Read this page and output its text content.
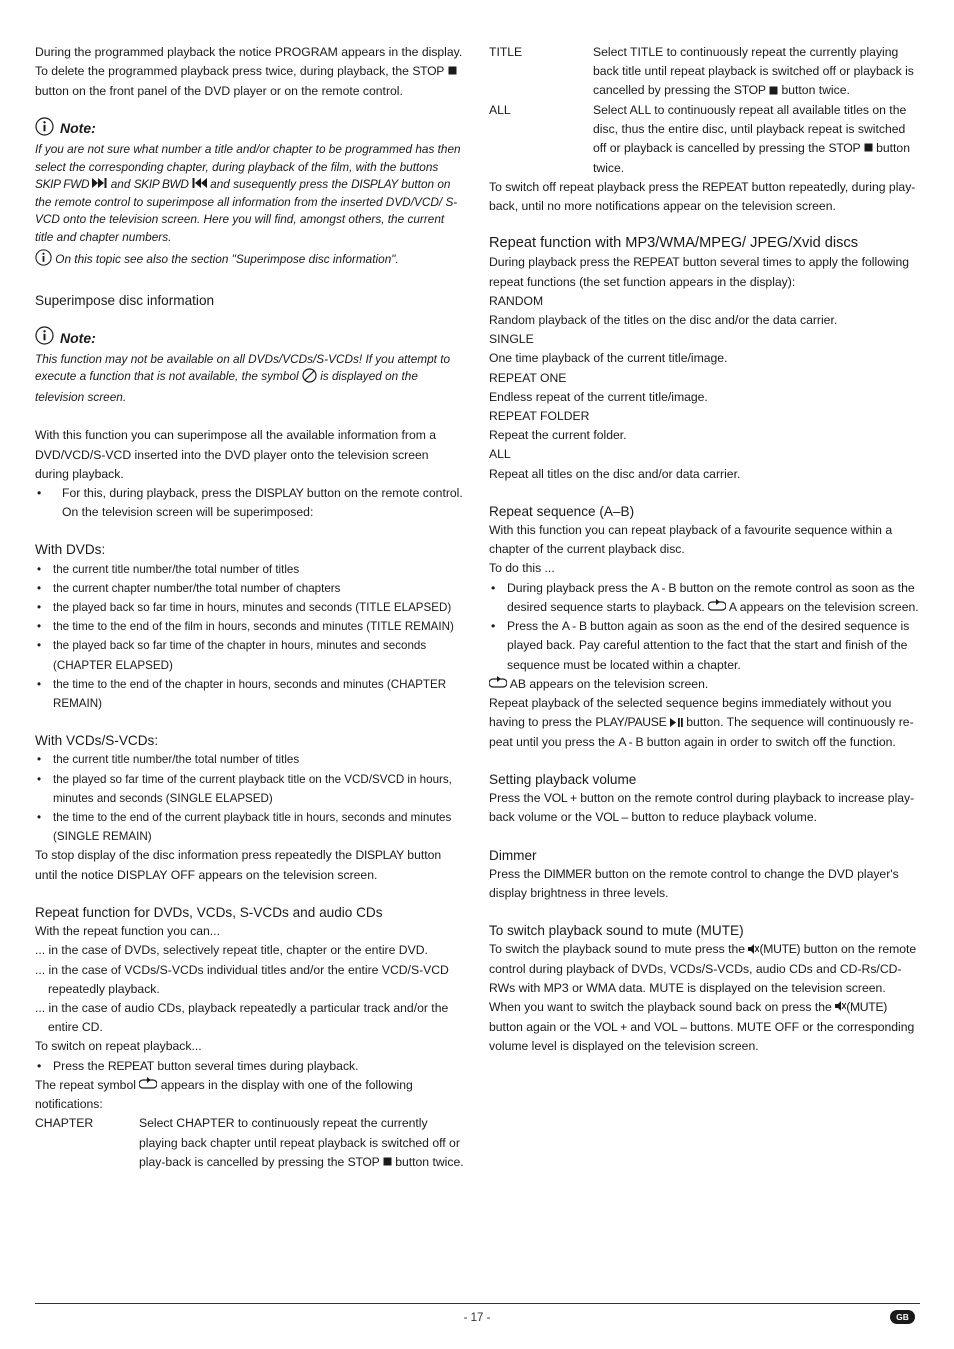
During the programmed playback the notice PROGRAM appears in the display. To delete the programmed playback press twice, during playback, the STOP  button on the front panel of the DVD player or on the remote control.

Note:

If you are not sure what number a title and/or chapter to be programmed has then select the corresponding chapter, during playback of the film, with the buttons SKIP FWD  and SKIP BWD  and susequently press the DISPLAY button on the remote control to superimpose all information from the inserted DVD/VCD/ S-VCD onto the television screen. Here you will find, amongst others, the current title and chapter numbers.

On this topic see also the section "Superimpose disc information".

Superimpose disc information

Note:

This function may not be available on all DVDs/VCDs/S-VCDs! If you attempt to execute a function that is not available, the symbol  is displayed on the television screen.

With this function you can superimpose all the available information from a DVD/VCD/S-VCD inserted into the DVD player onto the television screen during playback.

• For this, during playback, press the DISPLAY button on the remote control. On the television screen will be superimposed:

With DVDs:

• the current title number/the total number of titles
• the current chapter number/the total number of chapters
• the played back so far time in hours, minutes and seconds (TITLE ELAPSED)
• the time to the end of the film in hours, seconds and minutes (TITLE REMAIN)
• the played back so far time of the chapter in hours, minutes and seconds (CHAPTER ELAPSED)
• the time to the end of the chapter in hours, seconds and minutes (CHAPTER REMAIN)

With VCDs/S-VCDs:

• the current title number/the total number of titles
• the played so far time of the current playback title on the VCD/SVCD in hours, minutes and seconds (SINGLE ELAPSED)
• the time to the end of the current playback title in hours, seconds and minutes (SINGLE REMAIN)

To stop display of the disc information press repeatedly the DISPLAY button until the notice DISPLAY OFF appears on the television screen.

Repeat function for DVDs, VCDs, S-VCDs and audio CDs

With the repeat function you can...

... in the case of DVDs, selectively repeat title, chapter or the entire DVD.

... in the case of VCDs/S-VCDs individual titles and/or the entire VCD/S-VCD repeatedly playback.

... in the case of audio CDs, playback repeatedly a particular track and/or the entire CD.

To switch on repeat playback...

• Press the REPEAT button several times during playback.

The repeat symbol  appears in the display with one of the following notifications:

CHAPTER	Select CHAPTER to continuously repeat the currently playing back chapter until repeat playback is switched off or play-back is cancelled by pressing the STOP  button twice.
TITLE	Select TITLE to continuously repeat the currently playing back title until repeat playback is switched off or playback is cancelled by pressing the STOP  button twice.
ALL	Select ALL to continuously repeat all available titles on the disc, thus the entire disc, until playback repeat is switched off or playback is cancelled by pressing the STOP  button twice.

To switch off repeat playback press the REPEAT button repeatedly, during play-back, until no more notifications appear on the television screen.

Repeat function with MP3/WMA/MPEG/ JPEG/Xvid discs

During playback press the REPEAT button several times to apply the following repeat functions (the set function appears in the display):

RANDOM

Random playback of the titles on the disc and/or the data carrier.

SINGLE

One time playback of the current title/image.

REPEAT ONE

Endless repeat of the current title/image.

REPEAT FOLDER

Repeat the current folder.

ALL

Repeat all titles on the disc and/or data carrier.

Repeat sequence (A–B)

With this function you can repeat playback of a favourite sequence within a chapter of the current playback disc.

To do this ...

• During playback press the A - B button on the remote control as soon as the desired sequence starts to playback.  A appears on the television screen.
• Press the A - B button again as soon as the end of the desired sequence is played back. Pay careful attention to the fact that the start and finish of the sequence must be located within a chapter.

AB appears on the television screen.

Repeat playback of the selected sequence begins immediately without you having to press the PLAY/PAUSE  button. The sequence will continuously re-peat until you press the A - B button again in order to switch off the function.

Setting playback volume

Press the VOL + button on the remote control during playback to increase play-back volume or the VOL – button to reduce playback volume.

Dimmer

Press the DIMMER button on the remote control to change the DVD player's display brightness in three levels.

To switch playback sound to mute (MUTE)

To switch the playback sound to mute press the (MUTE) button on the remote control during playback of DVDs, VCDs/S-VCDs, audio CDs and CD-Rs/CD-RWs with MP3 or WMA data. MUTE is displayed on the television screen.

When you want to switch the playback sound back on press the (MUTE) button again or the VOL + and VOL – buttons. MUTE OFF or the corresponding volume level is displayed on the television screen.

- 17 -	GB
